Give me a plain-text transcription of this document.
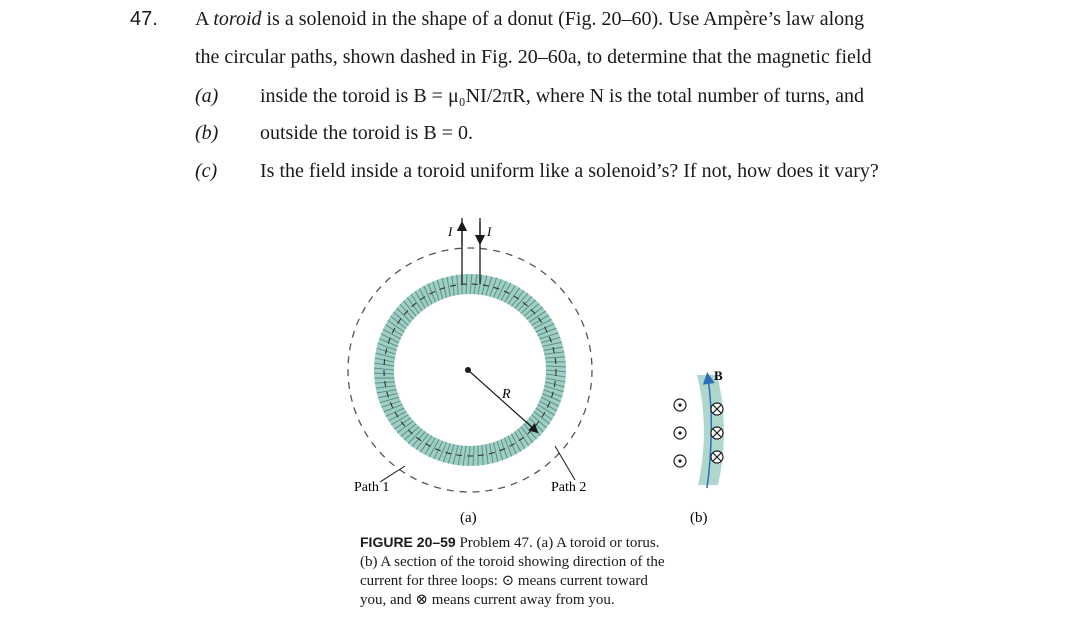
47. A toroid is a solenoid in the shape of a donut (Fig. 20–60). Use Ampère’s law along
the circular paths, shown dashed in Fig. 20–60a, to determine that the magnetic field
(a) inside the toroid is B = μ₀NI/2πR, where N is the total number of turns, and
(b) outside the toroid is B = 0.
(c) Is the field inside a toroid uniform like a solenoid’s? If not, how does it vary?
I	I
R
Path 1	Path 2
B⃗
(a)	(b)
FIGURE 20–59 Problem 47. (a) A toroid or torus.
(b) A section of the toroid showing direction of the
current for three loops: ⊙ means current toward
you, and ⊗ means current away from you.
